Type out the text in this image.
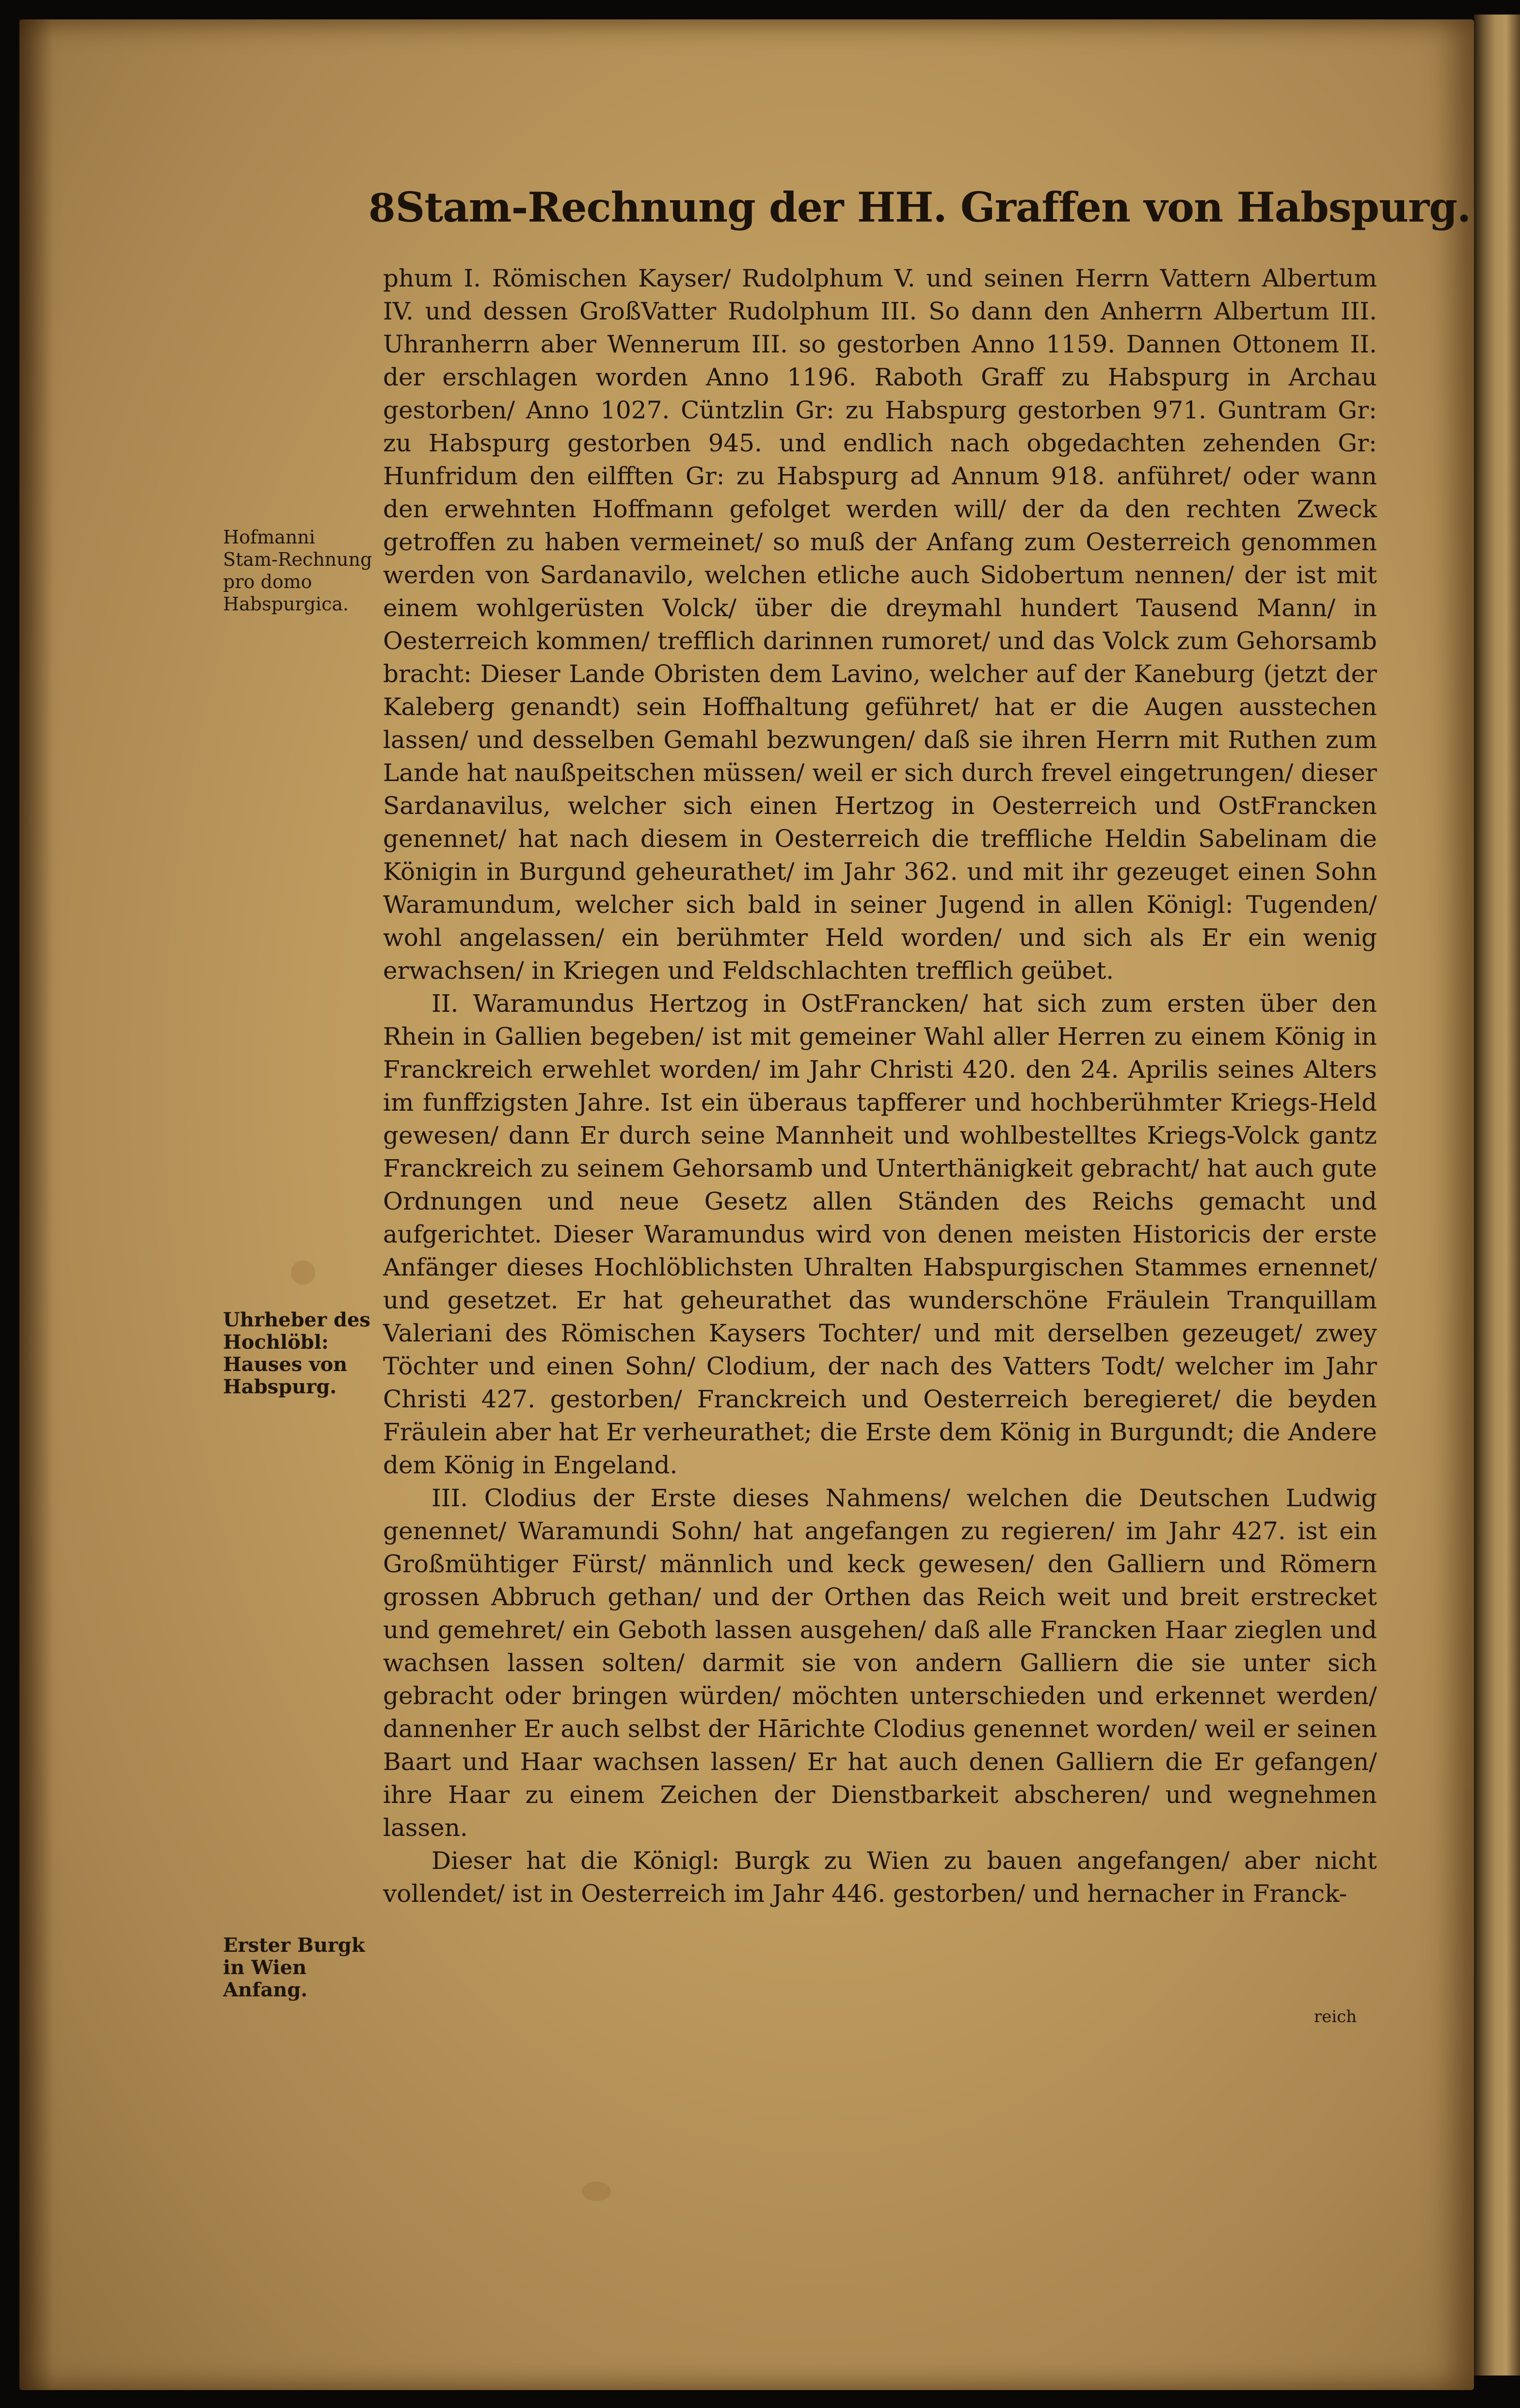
8 Stam-Rechnung der HH. Graffen von Habspurg.
Hofmanni Stam-Rechnung pro domo Habspurgica.
Uhrheber des Hochlöbl: Hauses von Habspurg.
Erster Burgk in Wien Anfang.

phum I. Römischen Kayser/ Rudolphum V. und seinen Herrn Vattern Albertum IV. und dessen GroßVatter Rudolphum III. So dann den Anherrn Albertum III. Uhranherrn aber Wennerum III. so gestorben Anno 1159. Dannen Ottonem II. der erschlagen worden Anno 1196. Raboth Graff zu Habspurg in Archau gestorben/ Anno 1027. Cüntzlin Gr: zu Habspurg gestorben 971. Guntram Gr: zu Habspurg gestorben 945. und endlich nach obgedachten zehenden Gr: Hunfridum den eilfften Gr: zu Habspurg ad Annum 918. anführet/ oder wann den erwehnten Hoffmann gefolget werden will/ der da den rechten Zweck getroffen zu haben vermeinet/ so muß der Anfang zum Oesterreich genommen werden von Sardanavilo, welchen etliche auch Sidobertum nennen/ der ist mit einem wohlgerüsten Volck/ über die dreymahl hundert Tausend Mann/ in Oesterreich kommen/ trefflich darinnen rumoret/ und das Volck zum Gehorsamb bracht: Dieser Lande Obristen dem Lavino, welcher auf der Kaneburg (jetzt der Kaleberg genandt) sein Hoffhaltung geführet/ hat er die Augen ausstechen lassen/ und desselben Gemahl bezwungen/ daß sie ihren Herrn mit Ruthen zum Lande hat naußpeitschen müssen/ weil er sich durch frevel eingetrungen/ dieser Sardanavilus, welcher sich einen Hertzog in Oesterreich und OstFrancken genennet/ hat nach diesem in Oesterreich die treffliche Heldin Sabelinam die Königin in Burgund geheurathet/ im Jahr 362. und mit ihr gezeuget einen Sohn Waramundum, welcher sich bald in seiner Jugend in allen Königl: Tugenden/ wohl angelassen/ ein berühmter Held worden/ und sich als Er ein wenig erwachsen/ in Kriegen und Feldschlachten trefflich geübet.

II. Waramundus Hertzog in OstFrancken/ hat sich zum ersten über den Rhein in Gallien begeben/ ist mit gemeiner Wahl aller Herren zu einem König in Franckreich erwehlet worden/ im Jahr Christi 420. den 24. Aprilis seines Alters im funffzigsten Jahre. Ist ein überaus tapfferer und hochberühmter Kriegs-Held gewesen/ dann Er durch seine Mannheit und wohlbestelltes Kriegs-Volck gantz Franckreich zu seinem Gehorsamb und Unterthänigkeit gebracht/ hat auch gute Ordnungen und neue Gesetz allen Ständen des Reichs gemacht und aufgerichtet. Dieser Waramundus wird von denen meisten Historicis der erste Anfänger dieses Hochlöblichsten Uhralten Habspurgischen Stammes ernennet/ und gesetzet. Er hat geheurathet das wunderschöne Fräulein Tranquillam Valeriani des Römischen Kaysers Tochter/ und mit derselben gezeuget/ zwey Töchter und einen Sohn/ Clodium, der nach des Vatters Todt/ welcher im Jahr Christi 427. gestorben/ Franckreich und Oesterreich beregieret/ die beyden Fräulein aber hat Er verheurathet; die Erste dem König in Burgundt; die Andere dem König in Engeland.

III. Clodius der Erste dieses Nahmens/ welchen die Deutschen Ludwig genennet/ Waramundi Sohn/ hat angefangen zu regieren/ im Jahr 427. ist ein Großmühtiger Fürst/ männlich und keck gewesen/ den Galliern und Römern grossen Abbruch gethan/ und der Orthen das Reich weit und breit erstrecket und gemehret/ ein Geboth lassen ausgehen/ daß alle Francken Haar zieglen und wachsen lassen solten/ darmit sie von andern Galliern die sie unter sich gebracht oder bringen würden/ möchten unterschieden und erkennet werden/ dannenher Er auch selbst der Hārichte Clodius genennet worden/ weil er seinen Baart und Haar wachsen lassen/ Er hat auch denen Galliern die Er gefangen/ ihre Haar zu einem Zeichen der Dienstbarkeit abscheren/ und wegnehmen lassen.

Dieser hat die Königl: Burgk zu Wien zu bauen angefangen/ aber nicht vollendet/ ist in Oesterreich im Jahr 446. gestorben/ und hernacher in Franck-

reich
